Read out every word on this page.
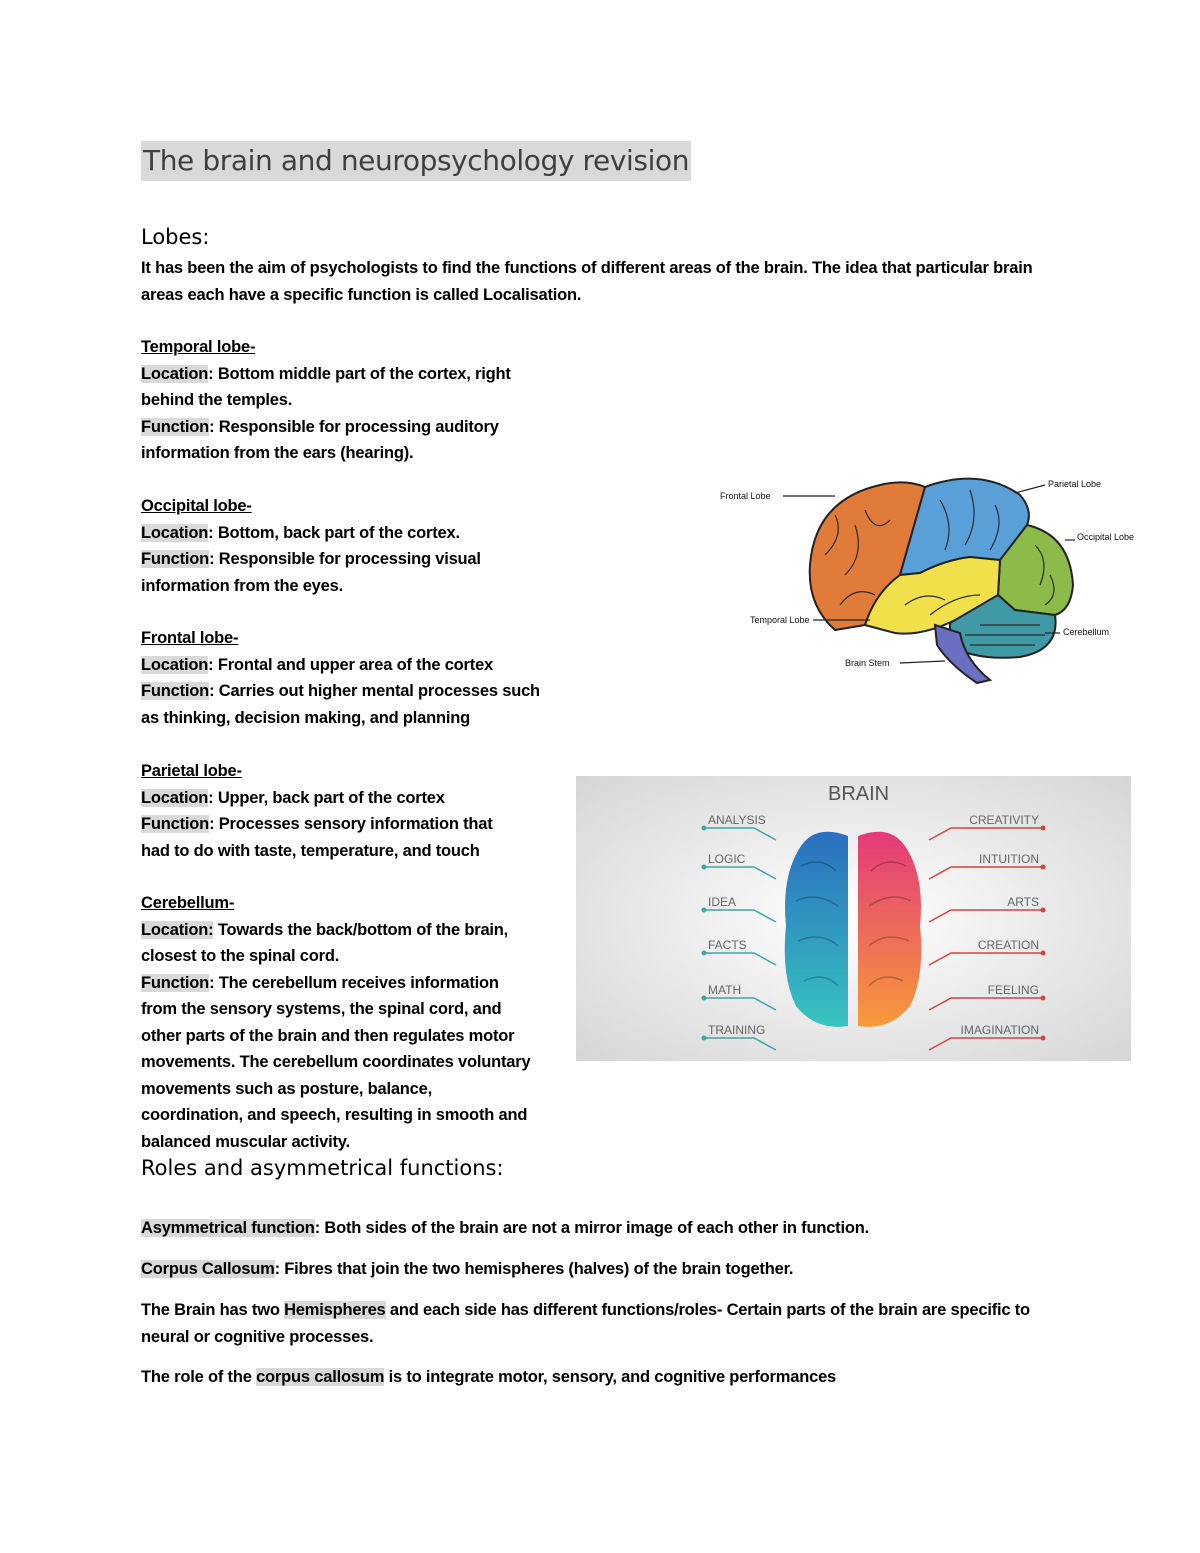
The brain and neuropsychology revision
Lobes:
It has been the aim of psychologists to find the functions of different areas of the brain. The idea that particular brain areas each have a specific function is called Localisation.
Temporal lobe-
Location: Bottom middle part of the cortex, right behind the temples.
Function: Responsible for processing auditory information from the ears (hearing).
Occipital lobe-
Location: Bottom, back part of the cortex.
Function: Responsible for processing visual information from the eyes.
Frontal lobe-
Location: Frontal and upper area of the cortex
Function: Carries out higher mental processes such as thinking, decision making, and planning
Parietal lobe-
Location: Upper, back part of the cortex
Function: Processes sensory information that had to do with taste, temperature, and touch
Cerebellum-
Location: Towards the back/bottom of the brain, closest to the spinal cord.
Function: The cerebellum receives information from the sensory systems, the spinal cord, and other parts of the brain and then regulates motor movements. The cerebellum coordinates voluntary movements such as posture, balance, coordination, and speech, resulting in smooth and balanced muscular activity.
Roles and asymmetrical functions:
Asymmetrical function: Both sides of the brain are not a mirror image of each other in function.
Corpus Callosum: Fibres that join the two hemispheres (halves) of the brain together.
The Brain has two Hemispheres and each side has different functions/roles- Certain parts of the brain are specific to neural or cognitive processes.
The role of the corpus callosum is to integrate motor, sensory, and cognitive performances
Frontal Lobe
Parietal Lobe
Occipital Lobe
Temporal Lobe
Cerebellum
Brain Stem
BRAIN
ANALYSIS
LOGIC
IDEA
FACTS
MATH
TRAINING
CREATIVITY
INTUITION
ARTS
CREATION
FEELING
IMAGINATION
